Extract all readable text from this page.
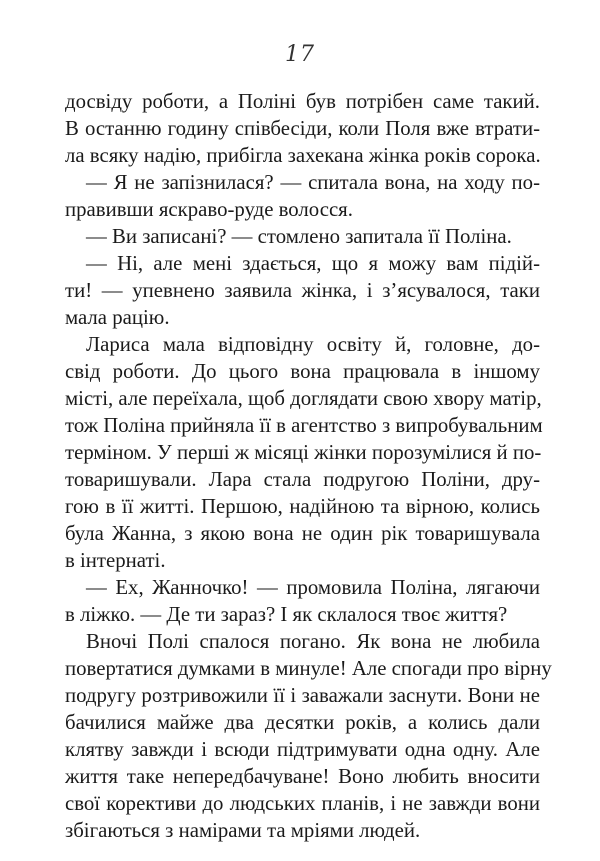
17
досвіду роботи, а Поліні був потрібен саме такий.
В останню годину співбесіди, коли Поля вже втрати-
ла всяку надію, прибігла захекана жінка років сорока.
— Я не запізнилася? — спитала вона, на ходу по-
правивши яскраво-руде волосся.
— Ви записані? — стомлено запитала її Поліна.
— Ні, але мені здається, що я можу вам підій-
ти! — упевнено заявила жінка, і з’ясувалося, таки
мала рацію.
Лариса мала відповідну освіту й, головне, до-
свід роботи. До цього вона працювала в іншому
місті, але переїхала, щоб доглядати свою хвору матір,
тож Поліна прийняла її в агентство з випробувальним
терміном. У перші ж місяці жінки порозумілися й по-
товаришували. Лара стала подругою Поліни, дру-
гою в її житті. Першою, надійною та вірною, колись
була Жанна, з якою вона не один рік товаришувала
в інтернаті.
— Ех, Жанночко! — промовила Поліна, лягаючи
в ліжко. — Де ти зараз? І як склалося твоє життя?
Вночі Полі спалося погано. Як вона не любила
повертатися думками в минуле! Але спогади про вірну
подругу розтривожили її і заважали заснути. Вони не
бачилися майже два десятки років, а колись дали
клятву завжди і всюди підтримувати одна одну. Але
життя таке непередбачуване! Воно любить вносити
свої корективи до людських планів, і не завжди вони
збігаються з намірами та мріями людей.
